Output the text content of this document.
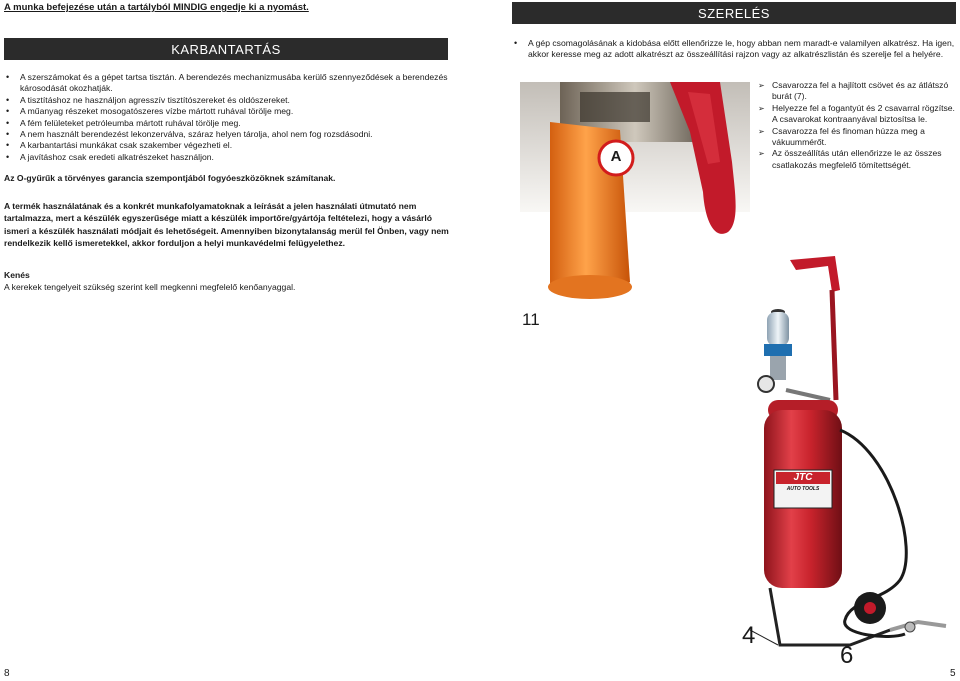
A munka befejezése után a tartályból MINDIG engedje ki a nyomást.
KARBANTARTÁS
• A szerszámokat és a gépet tartsa tisztán. A berendezés mechanizmusába kerülő szennyeződések a berendezés károsodását okozhatják.
• A tisztításhoz ne használjon agresszív tisztítószereket és oldószereket.
• A műanyag részeket mosogatószeres vízbe mártott ruhával törölje meg.
• A fém felületeket petróleumba mártott ruhával törölje meg.
• A nem használt berendezést lekonzerválva, száraz helyen tárolja, ahol nem fog rozsdásodni.
• A karbantartási munkákat csak szakember végezheti el.
• A javításhoz csak eredeti alkatrészeket használjon.
Az O-gyűrűk a törvényes garancia szempontjából fogyóeszközöknek számítanak.
A termék használatának és a konkrét munkafolyamatoknak a leírását a jelen használati útmutató nem tartalmazza, mert a készülék egyszerűsége miatt a készülék importőre/gyártója feltételezi, hogy a vásárló ismeri a készülék használati módjait és lehetőségeit. Amennyiben bizonytalanság merül fel Önben, vagy nem rendelkezik kellő ismeretekkel, akkor forduljon a helyi munkavédelmi felügyelethez.
Kenés
A kerekek tengelyeit szükség szerint kell megkenni megfelelő kenőanyaggal.
8
SZERELÉS
• A gép csomagolásának a kidobása előtt ellenőrizze le, hogy abban nem maradt-e valamilyen alkatrész. Ha igen, akkor keresse meg az adott alkatrészt az összeállítási rajzon vagy az alkatrészlistán és szerelje fel a helyére.
A
11
➢ Csavarozza fel a hajlított csövet és az átlátszó burát (7).
➢ Helyezze fel a fogantyút és 2 csavarral rögzítse. A csavarokat kontraanyával biztosítsa le.
➢ Csavarozza fel és finoman húzza meg a vákuummérőt.
➢ Az összeállítás után ellenőrizze le az összes csatlakozás megfelelő tömítettségét.
JTC
AUTO TOOLS
4
6
5
